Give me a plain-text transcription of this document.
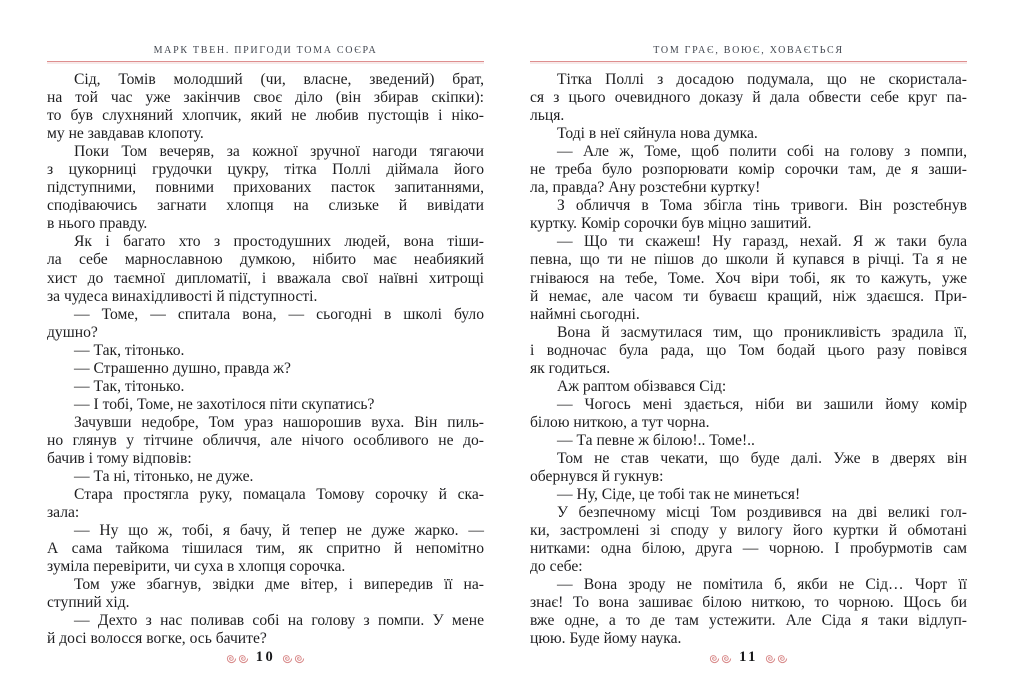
МАРК ТВЕН. ПРИГОДИ ТОМА СОЄРА

Сід, Томів молодший (чи, власне, зведений) брат,
на той час уже закінчив своє діло (він збирав скіпки):
то був слухняний хлопчик, який не любив пустощів і ніко-
му не завдавав клопоту.

Поки Том вечеряв, за кожної зручної нагоди тягаючи
з цукорниці грудочки цукру, тітка Поллі діймала його
підступними, повними прихованих пасток запитаннями,
сподіваючись загнати хлопця на слизьке й вивідати
в нього правду.

Як і багато хто з простодушних людей, вона тіши-
ла себе марнославною думкою, нібито має неабиякий
хист до таємної дипломатії, і вважала свої наївні хитрощі
за чудеса винахідливості й підступності.

— Томе, — спитала вона, — сьогодні в школі було
душно?

— Так, тітонько.

— Страшенно душно, правда ж?

— Так, тітонько.

— І тобі, Томе, не захотілося піти скупатись?

Зачувши недобре, Том ураз нашорошив вуха. Він пиль-
но глянув у тітчине обличчя, але нічого особливого не до-
бачив і тому відповів:

— Та ні, тітонько, не дуже.

Стара простягла руку, помацала Томову сорочку й ска-
зала:

— Ну що ж, тобі, я бачу, й тепер не дуже жарко. —
А сама тайкома тішилася тим, як спритно й непомітно
зуміла перевірити, чи суха в хлопця сорочка.

Том уже збагнув, звідки дме вітер, і випередив її на-
ступний хід.

— Дехто з нас поливав собі на голову з помпи. У мене
й досі волосся вогке, ось бачите?

10
ТОМ ГРАЄ, ВОЮЄ, ХОВАЄТЬСЯ

Тітка Поллі з досадою подумала, що не скористала-
ся з цього очевидного доказу й дала обвести себе круг па-
льця.

Тоді в неї сяйнула нова думка.

— Але ж, Томе, щоб полити собі на голову з помпи,
не треба було розпорювати комір сорочки там, де я заши-
ла, правда? Ану розстебни куртку!

З обличчя в Тома збігла тінь тривоги. Він розстебнув
куртку. Комір сорочки був міцно зашитий.

— Що ти скажеш! Ну гаразд, нехай. Я ж таки була
певна, що ти не пішов до школи й купався в річці. Та я не
гніваюся на тебе, Томе. Хоч віри тобі, як то кажуть, уже
й немає, але часом ти буваєш кращий, ніж здаєшся. При-
наймні сьогодні.

Вона й засмутилася тим, що проникливість зрадила її,
і водночас була рада, що Том бодай цього разу повівся
як годиться.

Аж раптом обізвався Сід:

— Чогось мені здається, ніби ви зашили йому комір
білою ниткою, а тут чорна.

— Та певне ж білою!.. Томе!..

Том не став чекати, що буде далі. Уже в дверях він
обернувся й гукнув:

— Ну, Сіде, це тобі так не минеться!

У безпечному місці Том роздивився на дві великі гол-
ки, застромлені зі споду у вилогу його куртки й обмотані
нитками: одна білою, друга — чорною. І пробурмотів сам
до себе:

— Вона зроду не помітила б, якби не Сід… Чорт її
знає! То вона зашиває білою ниткою, то чорною. Щось би
вже одне, а то де там устежити. Але Сіда я таки відлуп-
цюю. Буде йому наука.

11
